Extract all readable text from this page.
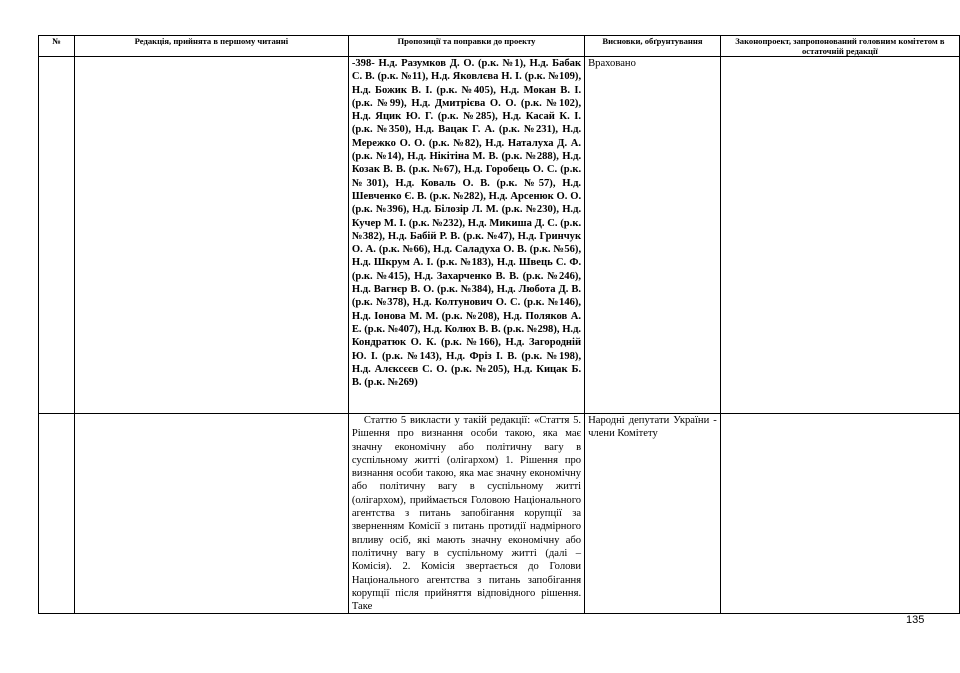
№	Редакція, прийнята в першому читанні	Пропозиції та поправки до проекту	Висновки, обґрунтування	Законопроект, запропонований головним комітетом в остаточній редакції
		-398- Н.д. Разумков Д. О. (р.к. №1), Н.д. Бабак С. В. (р.к. №11), Н.д. Яковлєва Н. І. (р.к. №109), Н.д. Божик В. І. (р.к. №405), Н.д. Мокан В. І. (р.к. №99), Н.д. Дмитрієва О. О. (р.к. №102), Н.д. Яцик Ю. Г. (р.к. №285), Н.д. Касай К. І. (р.к. №350), Н.д. Вацак Г. А. (р.к. №231), Н.д. Мережко О. О. (р.к. №82), Н.д. Наталуха Д. А. (р.к. №14), Н.д. Нікітіна М. В. (р.к. №288), Н.д. Козак В. В. (р.к. №67), Н.д. Горобець О. С. (р.к. №301), Н.д. Коваль О. В. (р.к. №57), Н.д. Шевченко Є. В. (р.к. №282), Н.д. Арсенюк О. О. (р.к. №396), Н.д. Білозір Л. М. (р.к. №230), Н.д. Кучер М. І. (р.к. №232), Н.д. Микиша Д. С. (р.к. №382), Н.д. Бабій Р. В. (р.к. №47), Н.д. Гринчук О. А. (р.к. №66), Н.д. Саладуха О. В. (р.к. №56), Н.д. Шкрум А. І. (р.к. №183), Н.д. Швець С. Ф. (р.к. №415), Н.д. Захарченко В. В. (р.к. №246), Н.д. Вагнєр В. О. (р.к. №384), Н.д. Любота Д. В. (р.к. №378), Н.д. Колтунович О. С. (р.к. №146), Н.д. Іонова М. М. (р.к. №208), Н.д. Поляков А. Е. (р.к. №407), Н.д. Колюх В. В. (р.к. №298), Н.д. Кондратюк О. К. (р.к. №166), Н.д. Загородній Ю. І. (р.к. №143), Н.д. Фріз І. В. (р.к. №198), Н.д. Алєксєєв С. О. (р.к. №205), Н.д. Кицак Б. В. (р.к. №269)	Враховано	
		Статтю 5 викласти у такій редакції: «Стаття 5. Рішення про визнання особи такою, яка має значну економічну або політичну вагу в суспільному житті (олігархом) 1. Рішення про визнання особи такою, яка має значну економічну або політичну вагу в суспільному житті (олігархом), приймається Головою Національного агентства з питань запобігання корупції за зверненням Комісії з питань протидії надмірного впливу осіб, які мають значну економічну або політичну вагу в суспільному житті (далі – Комісія). 2. Комісія звертається до Голови Національного агентства з питань запобігання корупції після прийняття відповідного рішення. Таке	Народні депутати України - члени Комітету	
135
